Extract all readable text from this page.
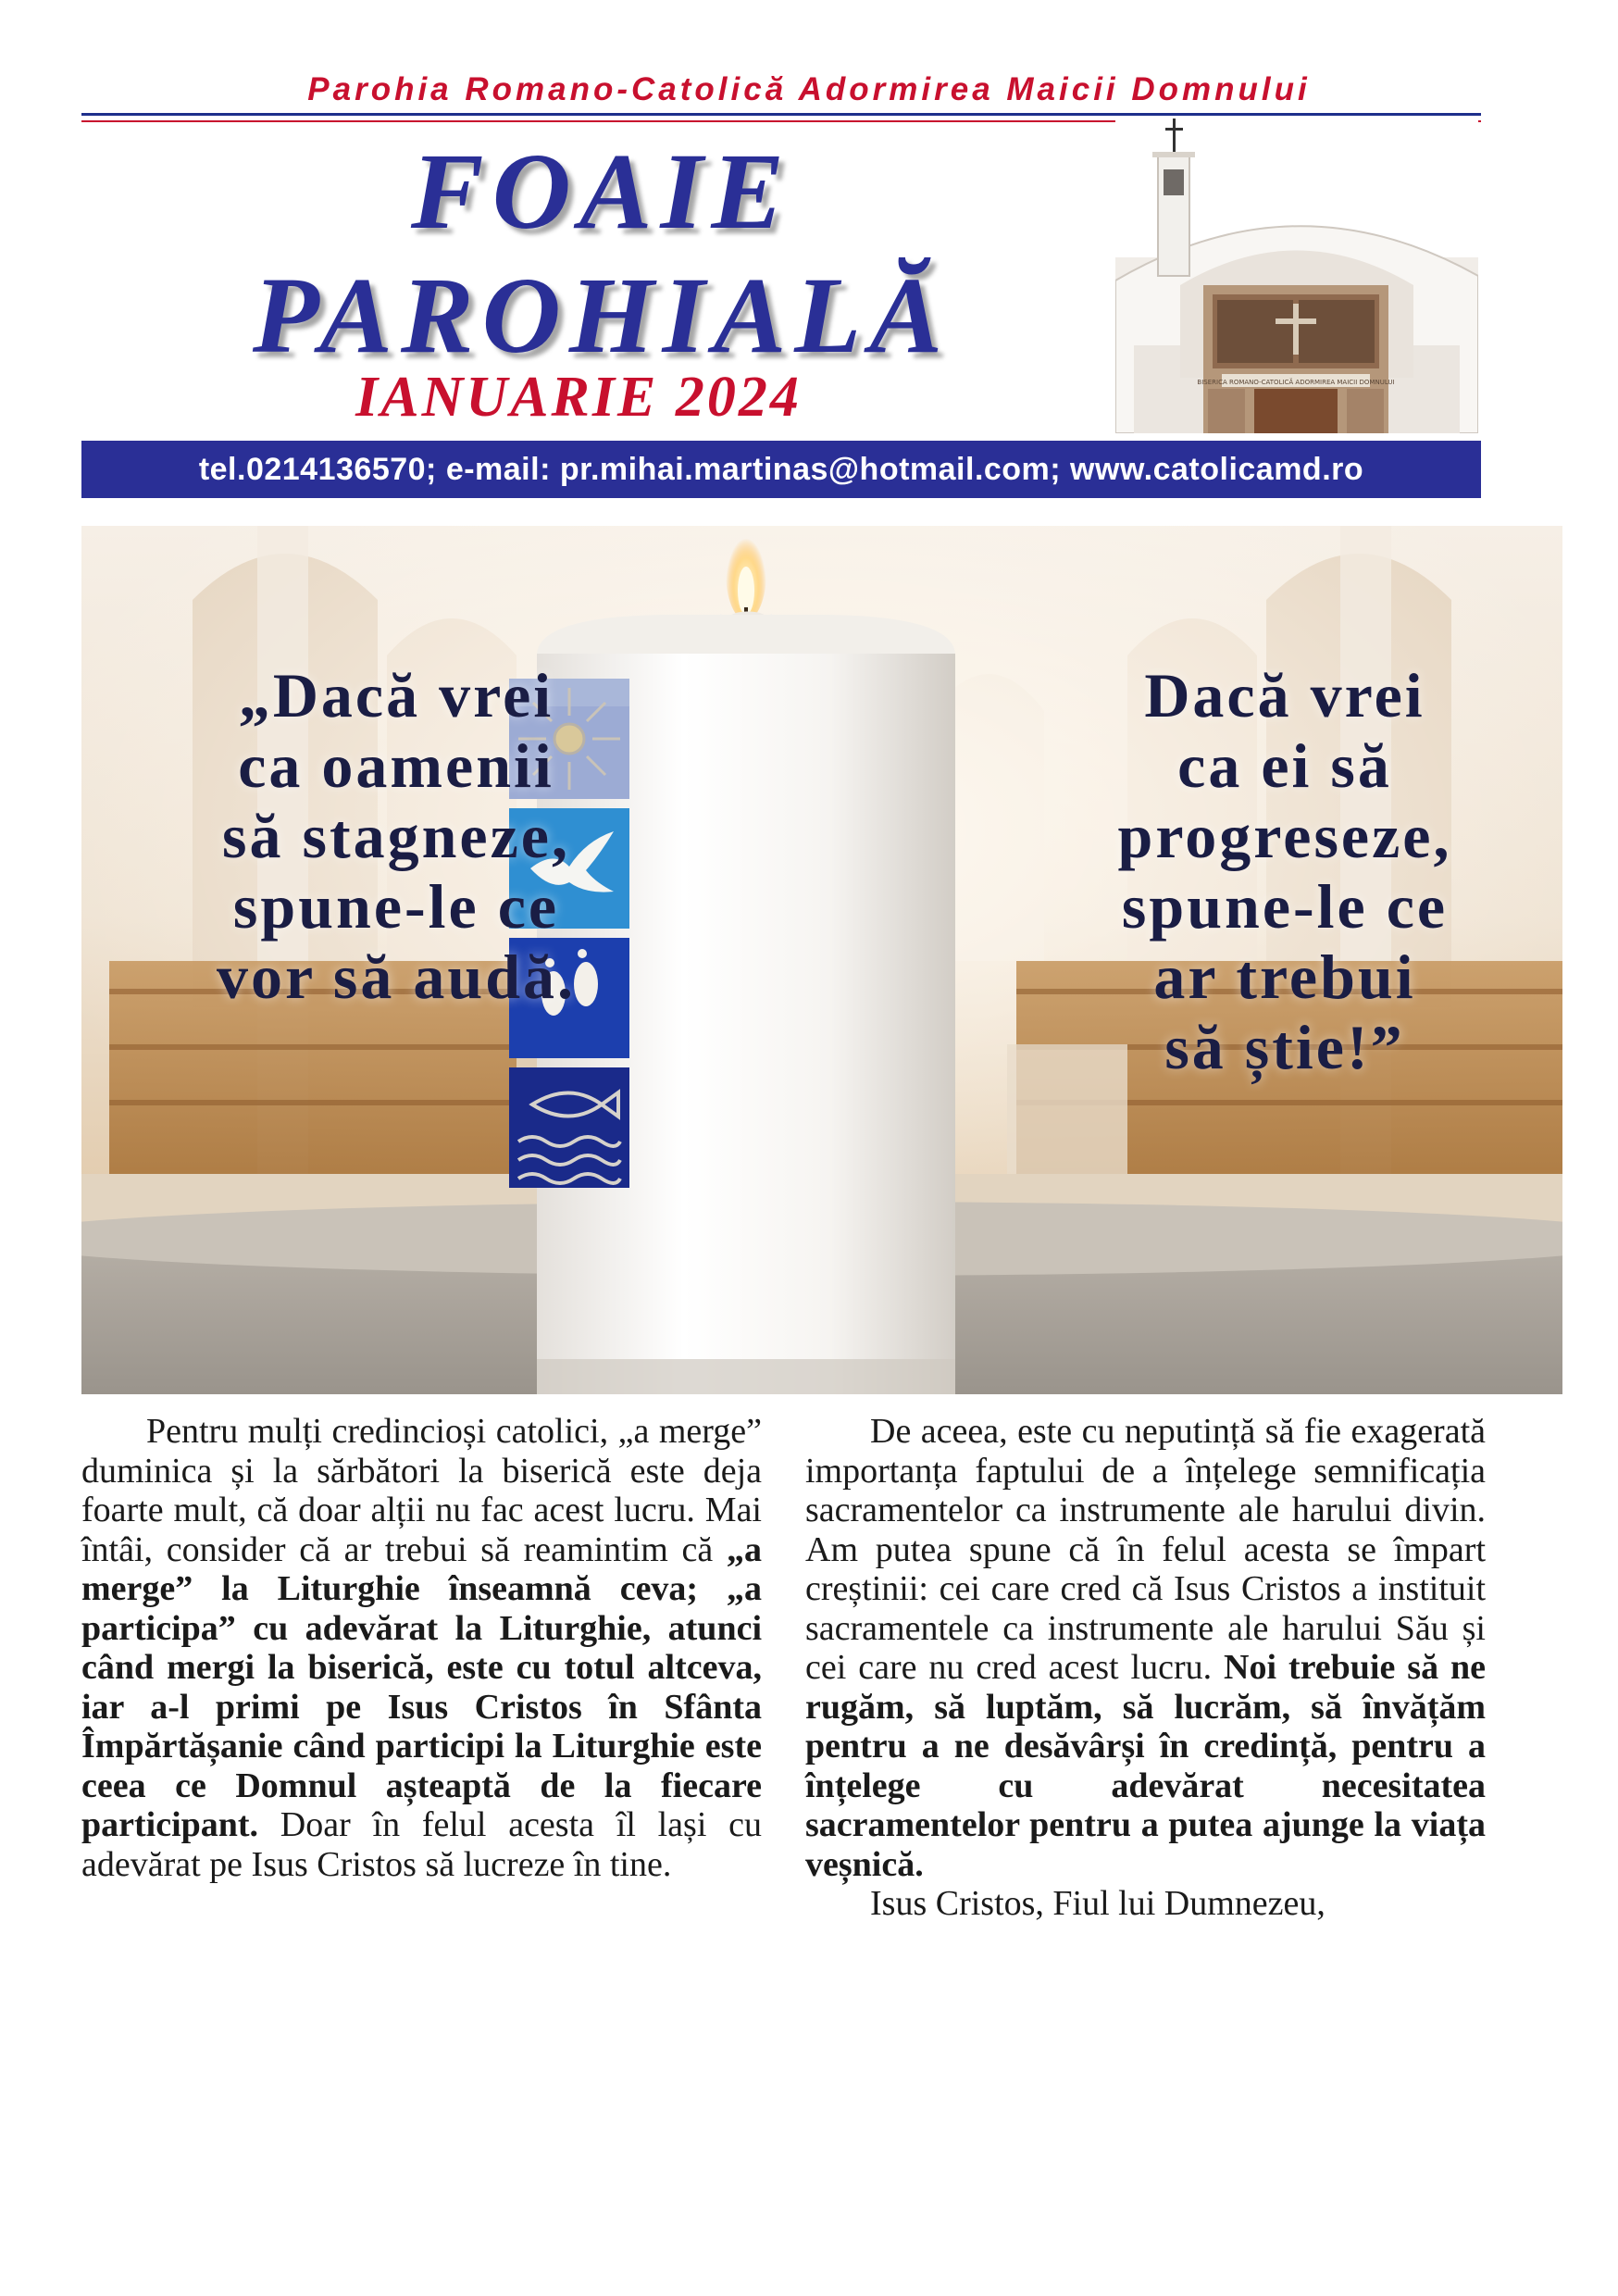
Parohia Romano-Catolică Adormirea Maicii Domnului
FOAIE
PAROHIALĂ
IANUARIE 2024	BISERICA ROMANO-CATOLICĂ ADORMIREA MAICII DOMNULUI
tel.0214136570; e-mail: pr.mihai.martinas@hotmail.com; www.catolicamd.ro
„Dacă vrei
ca oamenii
să stagneze,
spune-le ce
vor să audă.
Dacă vrei
ca ei să
progreseze,
spune-le ce
ar trebui
să știe!”

Pentru mulți credincioși catolici, „a merge” duminica și la sărbători la biserică este deja foarte mult, că doar alții nu fac acest lucru. Mai întâi, consider că ar trebui să reamintim că „a merge” la Liturghie înseamnă ceva; „a participa” cu adevărat la Liturghie, atunci când mergi la biserică, este cu totul altceva, iar a-l primi pe Isus Cristos în Sfânta Împărtășanie când participi la Liturghie este ceea ce Domnul așteaptă de la fiecare participant. Doar în felul acesta îl lași cu adevărat pe Isus Cristos să lucreze în tine.

De aceea, este cu neputință să fie exagerată importanța faptului de a înțelege semnificația sacramentelor ca instrumente ale harului divin. Am putea spune că în felul acesta se împart creștinii: cei care cred că Isus Cristos a instituit sacramentele ca instrumente ale harului Său și cei care nu cred acest lucru. Noi trebuie să ne rugăm, să luptăm, să lucrăm, să învățăm pentru a ne desăvârși în credință, pentru a înțelege cu adevărat necesitatea sacramentelor pentru a putea ajunge la viața veșnică.

Isus Cristos, Fiul lui Dumnezeu,
